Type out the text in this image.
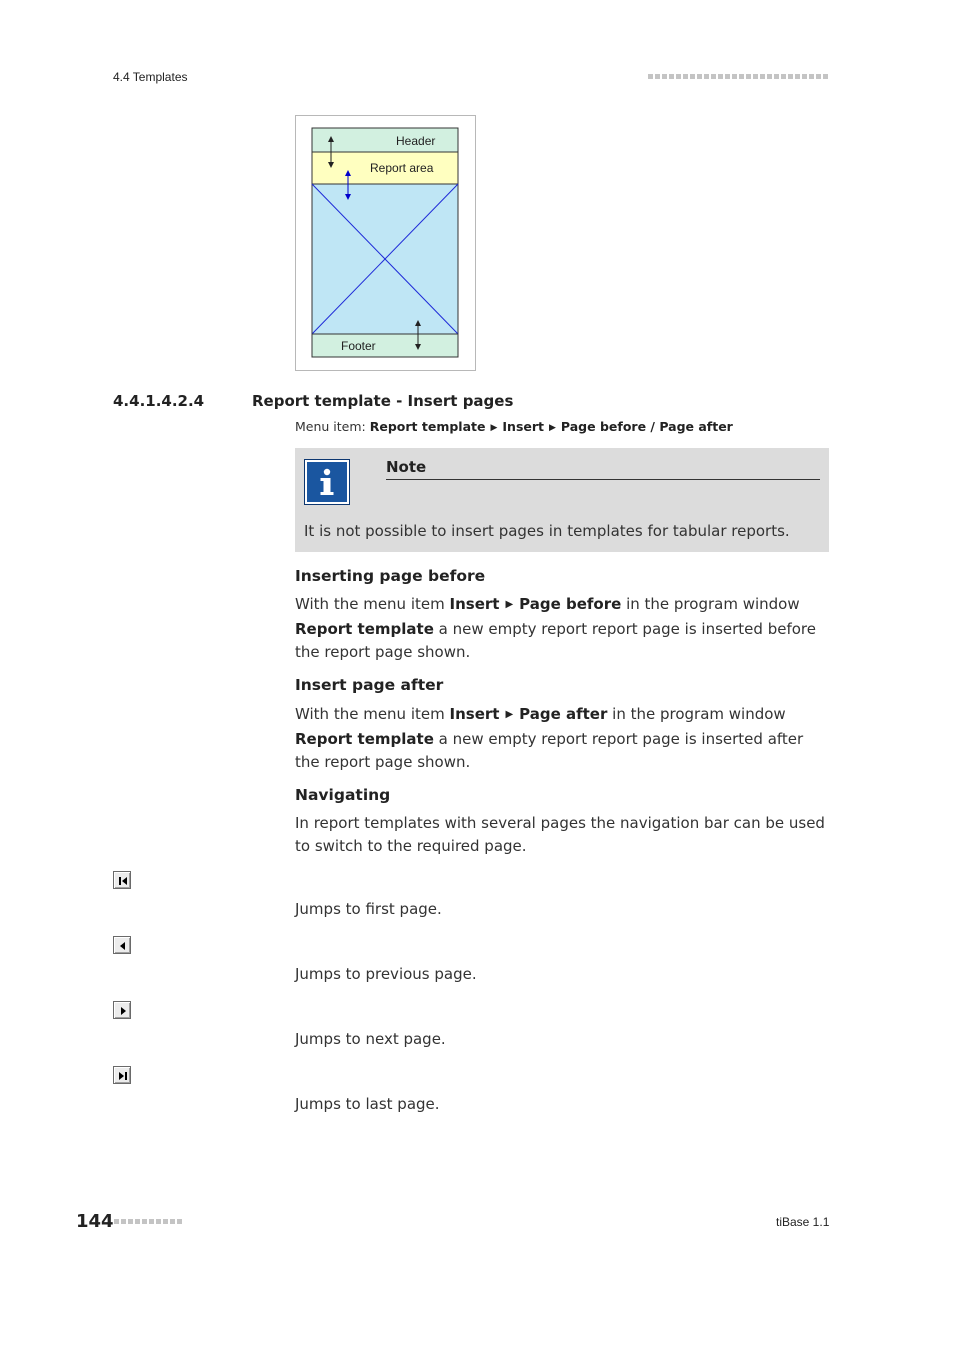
4.4 Templates
Header
Report area
Footer
4.4.1.4.2.4	Report template - Insert pages
Menu item: Report template ▶ Insert ▶ Page before / Page after
Note
It is not possible to insert pages in templates for tabular reports.
Inserting page before
With the menu item Insert ▶ Page before in the program window
Report template a new empty report report page is inserted before the report page shown.
Insert page after
With the menu item Insert ▶ Page after in the program window
Report template a new empty report report page is inserted after the report page shown.
Navigating
In report templates with several pages the navigation bar can be used to switch to the required page.
Jumps to first page.
Jumps to previous page.
Jumps to next page.
Jumps to last page.
144	tiBase 1.1
